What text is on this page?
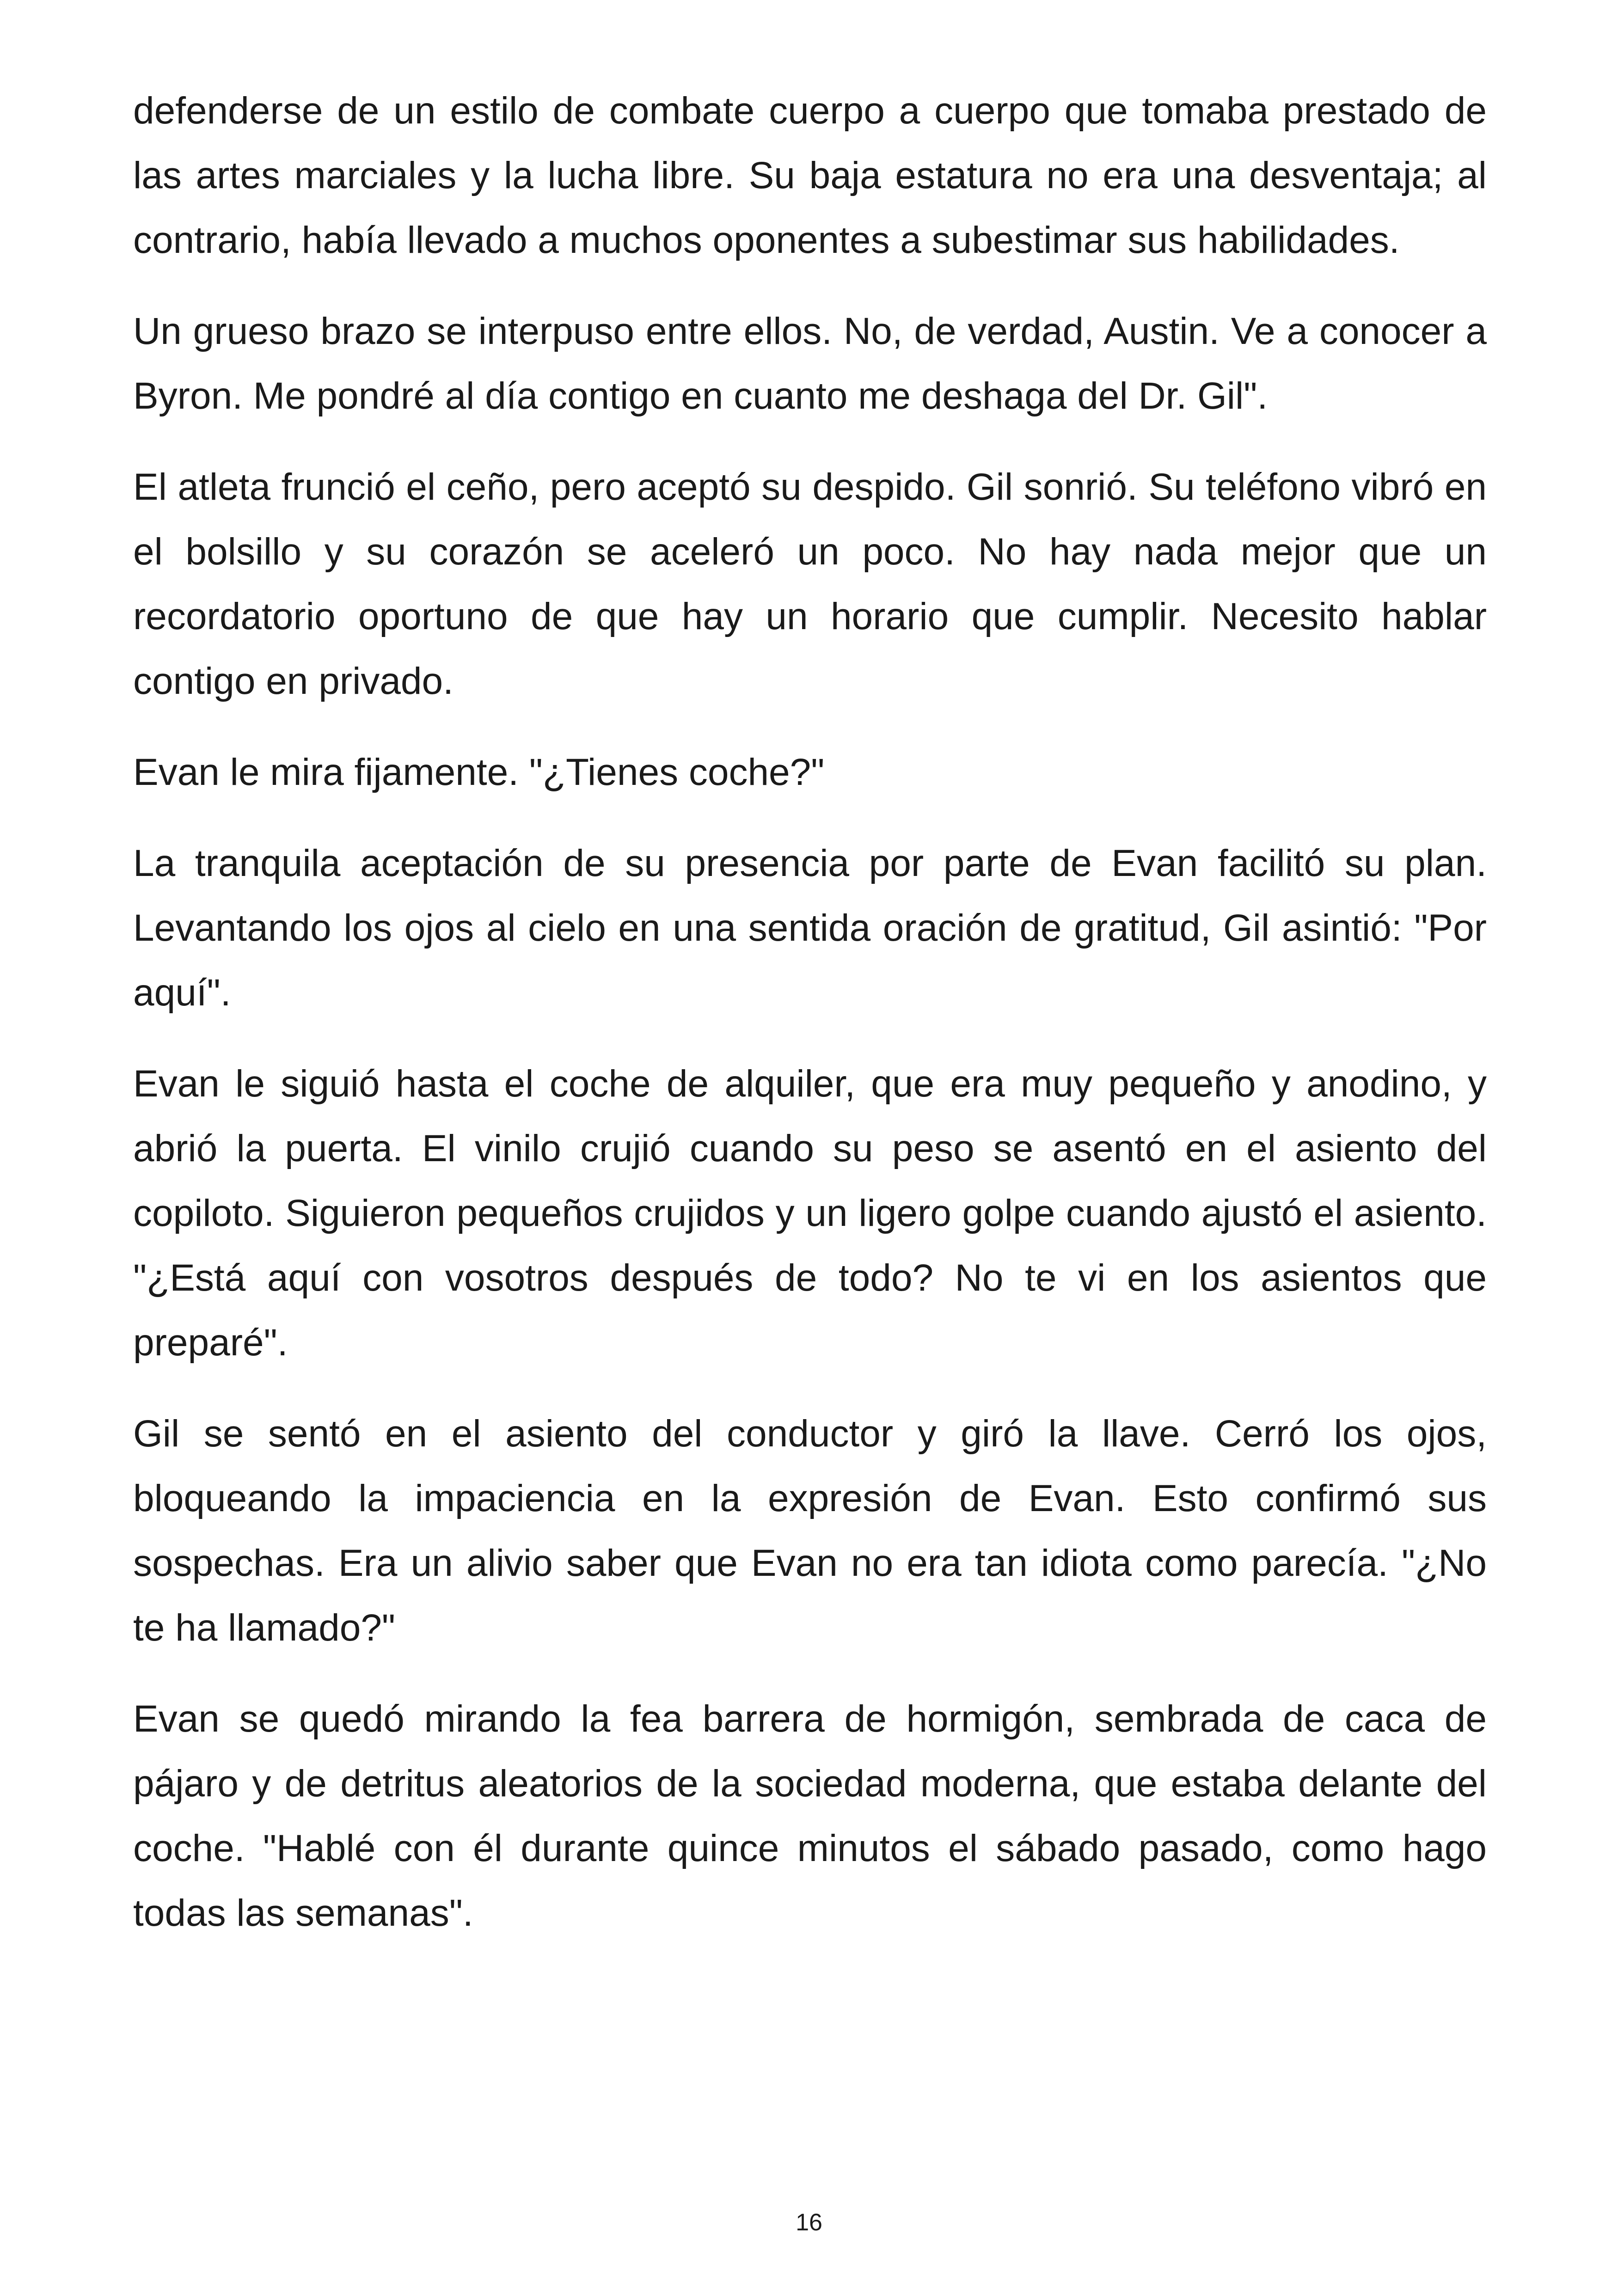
defenderse de un estilo de combate cuerpo a cuerpo que tomaba prestado de las artes marciales y la lucha libre. Su baja estatura no era una desventaja; al contrario, había llevado a muchos oponentes a subestimar sus habilidades.

Un grueso brazo se interpuso entre ellos. No, de verdad, Austin. Ve a conocer a Byron. Me pondré al día contigo en cuanto me deshaga del Dr. Gil".

El atleta frunció el ceño, pero aceptó su despido. Gil sonrió. Su teléfono vibró en el bolsillo y su corazón se aceleró un poco. No hay nada mejor que un recordatorio oportuno de que hay un horario que cumplir. Necesito hablar contigo en privado.

Evan le mira fijamente. "¿Tienes coche?"

La tranquila aceptación de su presencia por parte de Evan facilitó su plan. Levantando los ojos al cielo en una sentida oración de gratitud, Gil asintió: "Por aquí".

Evan le siguió hasta el coche de alquiler, que era muy pequeño y anodino, y abrió la puerta. El vinilo crujió cuando su peso se asentó en el asiento del copiloto. Siguieron pequeños crujidos y un ligero golpe cuando ajustó el asiento. "¿Está aquí con vosotros después de todo? No te vi en los asientos que preparé".

Gil se sentó en el asiento del conductor y giró la llave. Cerró los ojos, bloqueando la impaciencia en la expresión de Evan. Esto confirmó sus sospechas. Era un alivio saber que Evan no era tan idiota como parecía. "¿No te ha llamado?"

Evan se quedó mirando la fea barrera de hormigón, sembrada de caca de pájaro y de detritus aleatorios de la sociedad moderna, que estaba delante del coche. "Hablé con él durante quince minutos el sábado pasado, como hago todas las semanas".

16
